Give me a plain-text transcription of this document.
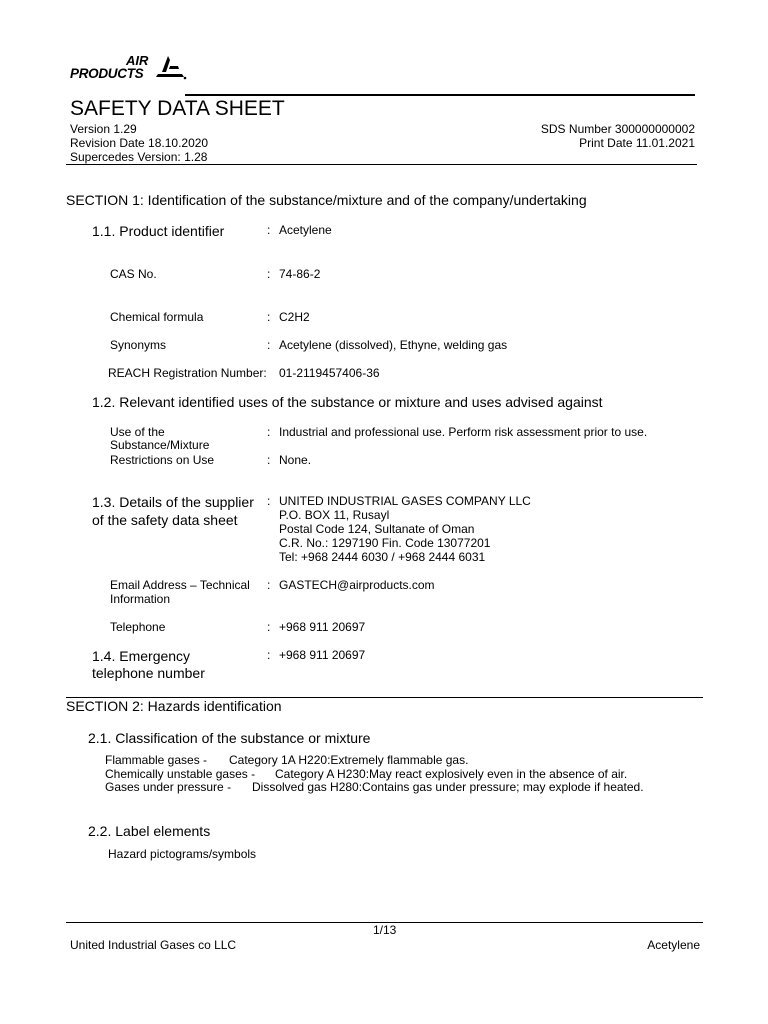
AIR
PRODUCTS
SAFETY DATA SHEET
Version 1.29
Revision Date 18.10.2020
Supercedes Version: 1.28
SDS Number 300000000002
Print Date 11.01.2021
SECTION 1: Identification of the substance/mixture and of the company/undertaking
1.1. Product identifier	: Acetylene
CAS No.	: 74-86-2
Chemical formula	: C2H2
Synonyms	: Acetylene (dissolved), Ethyne, welding gas
REACH Registration Number: 01-2119457406-36
1.2. Relevant identified uses of the substance or mixture and uses advised against
Use of the
Substance/Mixture
: Industrial and professional use. Perform risk assessment prior to use.
Restrictions on Use	: None.
1.3. Details of the supplier
of the safety data sheet
: UNITED INDUSTRIAL GASES COMPANY LLC
P.O. BOX 11, Rusayl
Postal Code 124, Sultanate of Oman
C.R. No.: 1297190 Fin. Code 13077201
Tel: +968 2444 6030 / +968 2444 6031
Email Address – Technical
Information
: GASTECH@airproducts.com
Telephone	: +968 911 20697
1.4. Emergency
telephone number
: +968 911 20697
SECTION 2: Hazards identification
2.1. Classification of the substance or mixture
Flammable gases - Category 1A H220:Extremely flammable gas.
Chemically unstable gases - Category A H230:May react explosively even in the absence of air.
Gases under pressure - Dissolved gas H280:Contains gas under pressure; may explode if heated.
2.2. Label elements
Hazard pictograms/symbols
1/13
United Industrial Gases co LLC	Acetylene
